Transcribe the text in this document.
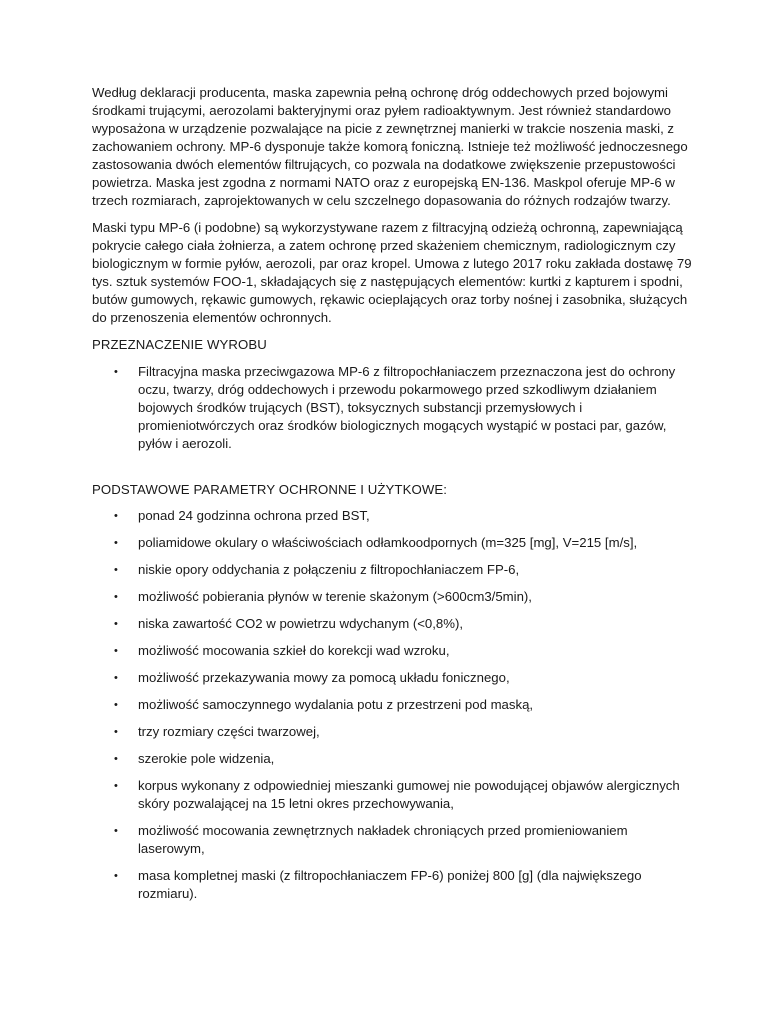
Według deklaracji producenta, maska zapewnia pełną ochronę dróg oddechowych przed bojowymi środkami trującymi, aerozolami bakteryjnymi oraz pyłem radioaktywnym. Jest również standardowo wyposażona w urządzenie pozwalające na picie z zewnętrznej manierki w trakcie noszenia maski, z zachowaniem ochrony. MP-6 dysponuje także komorą foniczną. Istnieje też możliwość jednoczesnego zastosowania dwóch elementów filtrujących, co pozwala na dodatkowe zwiększenie przepustowości powietrza. Maska jest zgodna z normami NATO oraz z europejską EN-136. Maskpol oferuje MP-6 w trzech rozmiarach, zaprojektowanych w celu szczelnego dopasowania do różnych rodzajów twarzy.

Maski typu MP-6 (i podobne) są wykorzystywane razem z filtracyjną odzieżą ochronną, zapewniającą pokrycie całego ciała żołnierza, a zatem ochronę przed skażeniem chemicznym, radiologicznym czy biologicznym w formie pyłów, aerozoli, par oraz kropel. Umowa z lutego 2017 roku zakłada dostawę 79 tys. sztuk systemów FOO-1, składających się z następujących elementów: kurtki z kapturem i spodni, butów gumowych, rękawic gumowych, rękawic ocieplających oraz torby nośnej i zasobnika, służących do przenoszenia elementów ochronnych.

PRZEZNACZENIE WYROBU

•	Filtracyjna maska przeciwgazowa MP-6 z filtropochłaniaczem przeznaczona jest do ochrony oczu, twarzy, dróg oddechowych i przewodu pokarmowego przed szkodliwym działaniem bojowych środków trujących (BST), toksycznych substancji przemysłowych i promieniotwórczych oraz środków biologicznych mogących wystąpić w postaci par, gazów, pyłów i aerozoli.

PODSTAWOWE PARAMETRY OCHRONNE I UŻYTKOWE:

•	ponad 24 godzinna ochrona przed BST,
•	poliamidowe okulary o właściwościach odłamkoodpornych (m=325 [mg], V=215 [m/s],
•	niskie opory oddychania z połączeniu z filtropochłaniaczem FP-6,
•	możliwość pobierania płynów w terenie skażonym (>600cm3/5min),
•	niska zawartość CO2 w powietrzu wdychanym (<0,8%),
•	możliwość mocowania szkieł do korekcji wad wzroku,
•	możliwość przekazywania mowy za pomocą układu fonicznego,
•	możliwość samoczynnego wydalania potu z przestrzeni pod maską,
•	trzy rozmiary części twarzowej,
•	szerokie pole widzenia,
•	korpus wykonany z odpowiedniej mieszanki gumowej nie powodującej objawów alergicznych skóry pozwalającej na 15 letni okres przechowywania,
•	możliwość mocowania zewnętrznych nakładek chroniących przed promieniowaniem laserowym,
•	masa kompletnej maski (z filtropochłaniaczem FP-6) poniżej 800 [g] (dla największego rozmiaru).
